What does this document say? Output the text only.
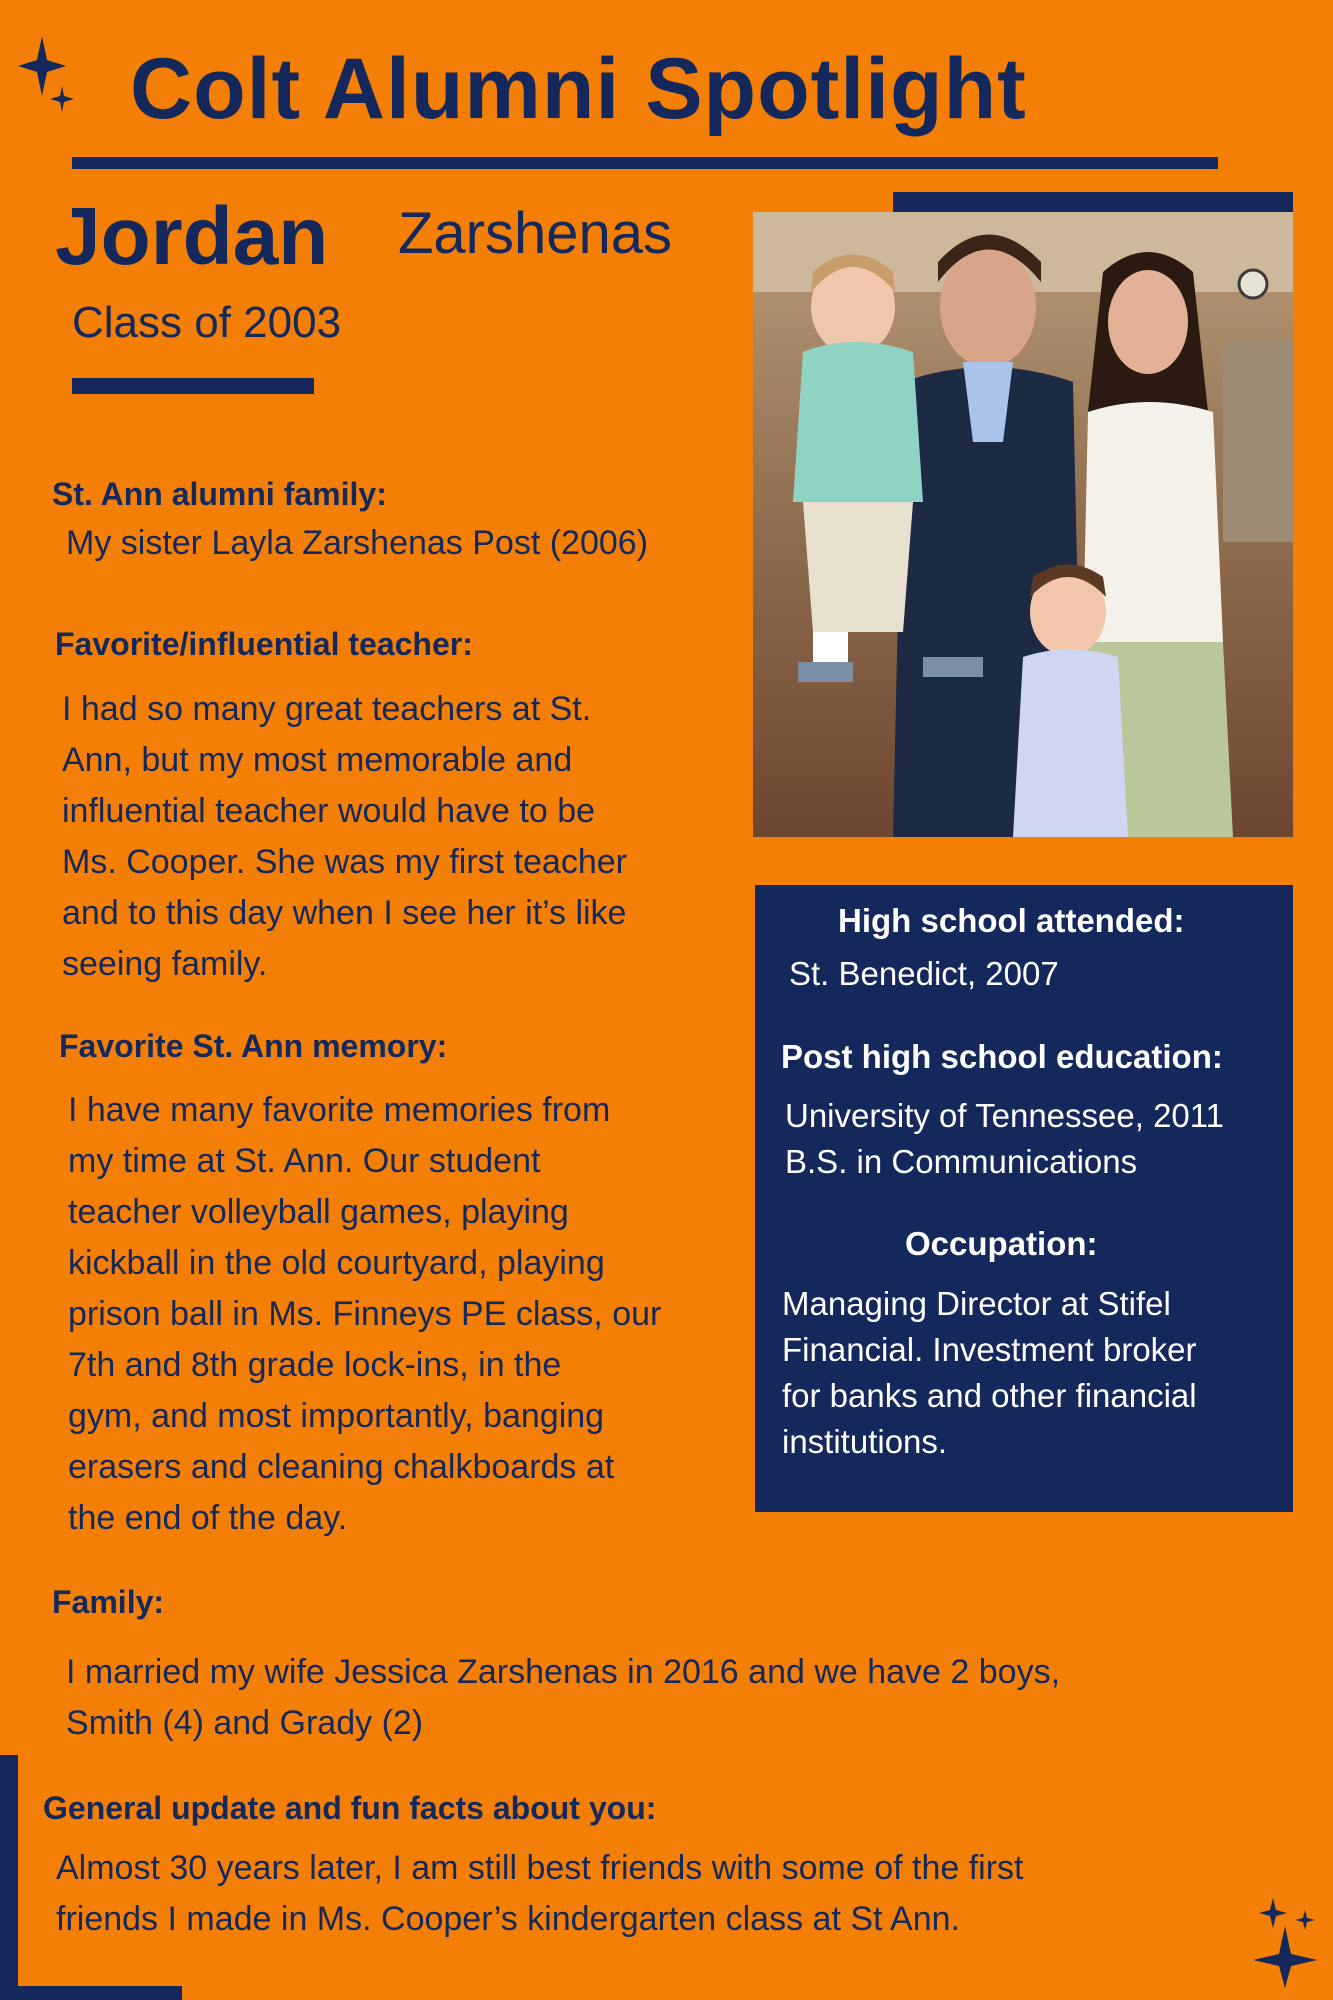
Colt Alumni Spotlight
Jordan Zarshenas
Class of 2003
St. Ann alumni family:
My sister Layla Zarshenas Post (2006)
Favorite/influential teacher:
I had so many great teachers at St.
Ann, but my most memorable and
influential teacher would have to be
Ms. Cooper. She was my first teacher
and to this day when I see her it’s like
seeing family.
Favorite St. Ann memory:
I have many favorite memories from
my time at St. Ann. Our student
teacher volleyball games, playing
kickball in the old courtyard, playing
prison ball in Ms. Finneys PE class, our
7th and 8th grade lock-ins, in the
gym, and most importantly, banging
erasers and cleaning chalkboards at
the end of the day.
High school attended:
St. Benedict, 2007
Post high school education:
University of Tennessee, 2011
B.S. in Communications
Occupation:
Managing Director at Stifel
Financial. Investment broker
for banks and other financial
institutions.
Family:
I married my wife Jessica Zarshenas in 2016 and we have 2 boys,
Smith (4) and Grady (2)
General update and fun facts about you:
Almost 30 years later, I am still best friends with some of the first
friends I made in Ms. Cooper’s kindergarten class at St Ann.
